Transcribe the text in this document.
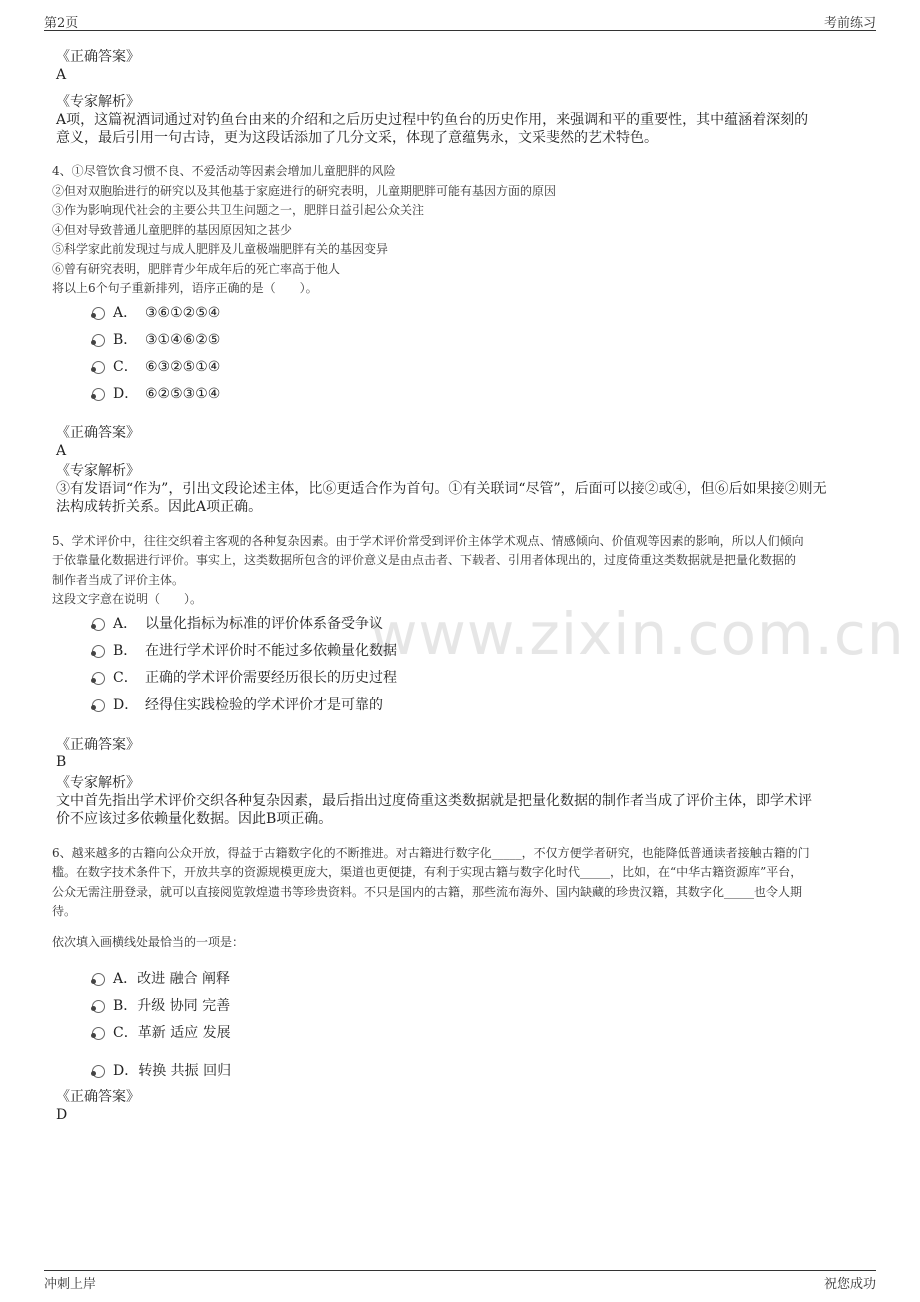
第2页	考前练习
www.zixin.com.cn
《正确答案》
A
《专家解析》
A项，这篇祝酒词通过对钓鱼台由来的介绍和之后历史过程中钓鱼台的历史作用，来强调和平的重要性，其中蕴涵着深刻的
意义，最后引用一句古诗，更为这段话添加了几分文采，体现了意蕴隽永，文采斐然的艺术特色。
4、①尽管饮食习惯不良、不爱活动等因素会增加儿童肥胖的风险
②但对双胞胎进行的研究以及其他基于家庭进行的研究表明，儿童期肥胖可能有基因方面的原因
③作为影响现代社会的主要公共卫生问题之一，肥胖日益引起公众关注
④但对导致普通儿童肥胖的基因原因知之甚少
⑤科学家此前发现过与成人肥胖及儿童极端肥胖有关的基因变异
⑥曾有研究表明，肥胖青少年成年后的死亡率高于他人
将以上6个句子重新排列，语序正确的是（　　）。
A． ③⑥①②⑤④
B． ③①④⑥②⑤
C． ⑥③②⑤①④
D． ⑥②⑤③①④
《正确答案》
A
《专家解析》
③有发语词“作为”，引出文段论述主体，比⑥更适合作为首句。①有关联词“尽管”，后面可以接②或④，但⑥后如果接②则无
法构成转折关系。因此A项正确。
5、学术评价中，往往交织着主客观的各种复杂因素。由于学术评价常受到评价主体学术观点、情感倾向、价值观等因素的影响，所以人们倾向
于依靠量化数据进行评价。事实上，这类数据所包含的评价意义是由点击者、下载者、引用者体现出的，过度倚重这类数据就是把量化数据的
制作者当成了评价主体。
这段文字意在说明（　　）。
A． 以量化指标为标准的评价体系备受争议
B． 在进行学术评价时不能过多依赖量化数据
C． 正确的学术评价需要经历很长的历史过程
D． 经得住实践检验的学术评价才是可靠的
《正确答案》
B
《专家解析》
文中首先指出学术评价交织各种复杂因素，最后指出过度倚重这类数据就是把量化数据的制作者当成了评价主体，即学术评
价不应该过多依赖量化数据。因此B项正确。
6、越来越多的古籍向公众开放，得益于古籍数字化的不断推进。对古籍进行数字化_____，不仅方便学者研究，也能降低普通读者接触古籍的门
槛。在数字技术条件下，开放共享的资源规模更庞大，渠道也更便捷，有利于实现古籍与数字化时代_____，比如，在“中华古籍资源库”平台，
公众无需注册登录，就可以直接阅览敦煌遗书等珍贵资料。不只是国内的古籍，那些流布海外、国内缺藏的珍贵汉籍，其数字化_____也令人期
待。
依次填入画横线处最恰当的一项是：
A．改进 融合 阐释
B．升级 协同 完善
C．革新 适应 发展
D．转换 共振 回归
《正确答案》
D
冲刺上岸	祝您成功
